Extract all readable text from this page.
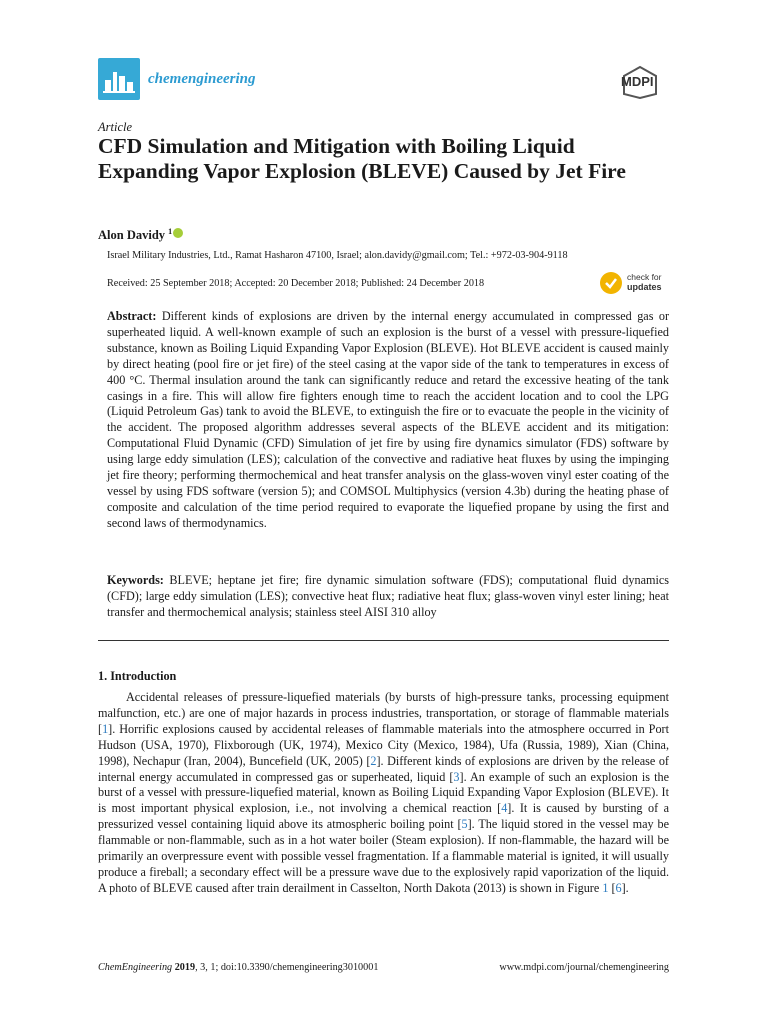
chemengineering	MDPI
Article
CFD Simulation and Mitigation with Boiling Liquid Expanding Vapor Explosion (BLEVE) Caused by Jet Fire
Alon Davidy $^1$
Israel Military Industries, Ltd., Ramat Hasharon 47100, Israel; alon.davidy@gmail.com; Tel.: +972-03-904-9118
Received: 25 September 2018; Accepted: 20 December 2018; Published: 24 December 2018
check for
updates
Abstract: Different kinds of explosions are driven by the internal energy accumulated in compressed gas or superheated liquid. A well-known example of such an explosion is the burst of a vessel with pressure-liquefied substance, known as Boiling Liquid Expanding Vapor Explosion (BLEVE). Hot BLEVE accident is caused mainly by direct heating (pool fire or jet fire) of the steel casing at the vapor side of the tank to temperatures in excess of 400 °C. Thermal insulation around the tank can significantly reduce and retard the excessive heating of the tank casings in a fire. This will allow fire fighters enough time to reach the accident location and to cool the LPG (Liquid Petroleum Gas) tank to avoid the BLEVE, to extinguish the fire or to evacuate the people in the vicinity of the accident. The proposed algorithm addresses several aspects of the BLEVE accident and its mitigation: Computational Fluid Dynamic (CFD) Simulation of jet fire by using fire dynamics simulator (FDS) software by using large eddy simulation (LES); calculation of the convective and radiative heat fluxes by using the impinging jet fire theory; performing thermochemical and heat transfer analysis on the glass-woven vinyl ester coating of the vessel by using FDS software (version 5); and COMSOL Multiphysics (version 4.3b) during the heating phase of composite and calculation of the time period required to evaporate the liquefied propane by using the first and second laws of thermodynamics.
Keywords: BLEVE; heptane jet fire; fire dynamic simulation software (FDS); computational fluid dynamics (CFD); large eddy simulation (LES); convective heat flux; radiative heat flux; glass-woven vinyl ester lining; heat transfer and thermochemical analysis; stainless steel AISI 310 alloy
1. Introduction
Accidental releases of pressure-liquefied materials (by bursts of high-pressure tanks, processing equipment malfunction, etc.) are one of major hazards in process industries, transportation, or storage of flammable materials [1]. Horrific explosions caused by accidental releases of flammable materials into the atmosphere occurred in Port Hudson (USA, 1970), Flixborough (UK, 1974), Mexico City (Mexico, 1984), Ufa (Russia, 1989), Xian (China, 1998), Nechapur (Iran, 2004), Buncefield (UK, 2005) [2]. Different kinds of explosions are driven by the release of internal energy accumulated in compressed gas or superheated, liquid [3]. An example of such an explosion is the burst of a vessel with pressure-liquefied material, known as Boiling Liquid Expanding Vapor Explosion (BLEVE). It is most important physical explosion, i.e., not involving a chemical reaction [4]. It is caused by bursting of a pressurized vessel containing liquid above its atmospheric boiling point [5]. The liquid stored in the vessel may be flammable or non-flammable, such as in a hot water boiler (Steam explosion). If non-flammable, the hazard will be primarily an overpressure event with possible vessel fragmentation. If a flammable material is ignited, it will usually produce a fireball; a secondary effect will be a pressure wave due to the explosively rapid vaporization of the liquid. A photo of BLEVE caused after train derailment in Casselton, North Dakota (2013) is shown in Figure 1 [6].
ChemEngineering 2019, 3, 1; doi:10.3390/chemengineering3010001	www.mdpi.com/journal/chemengineering
